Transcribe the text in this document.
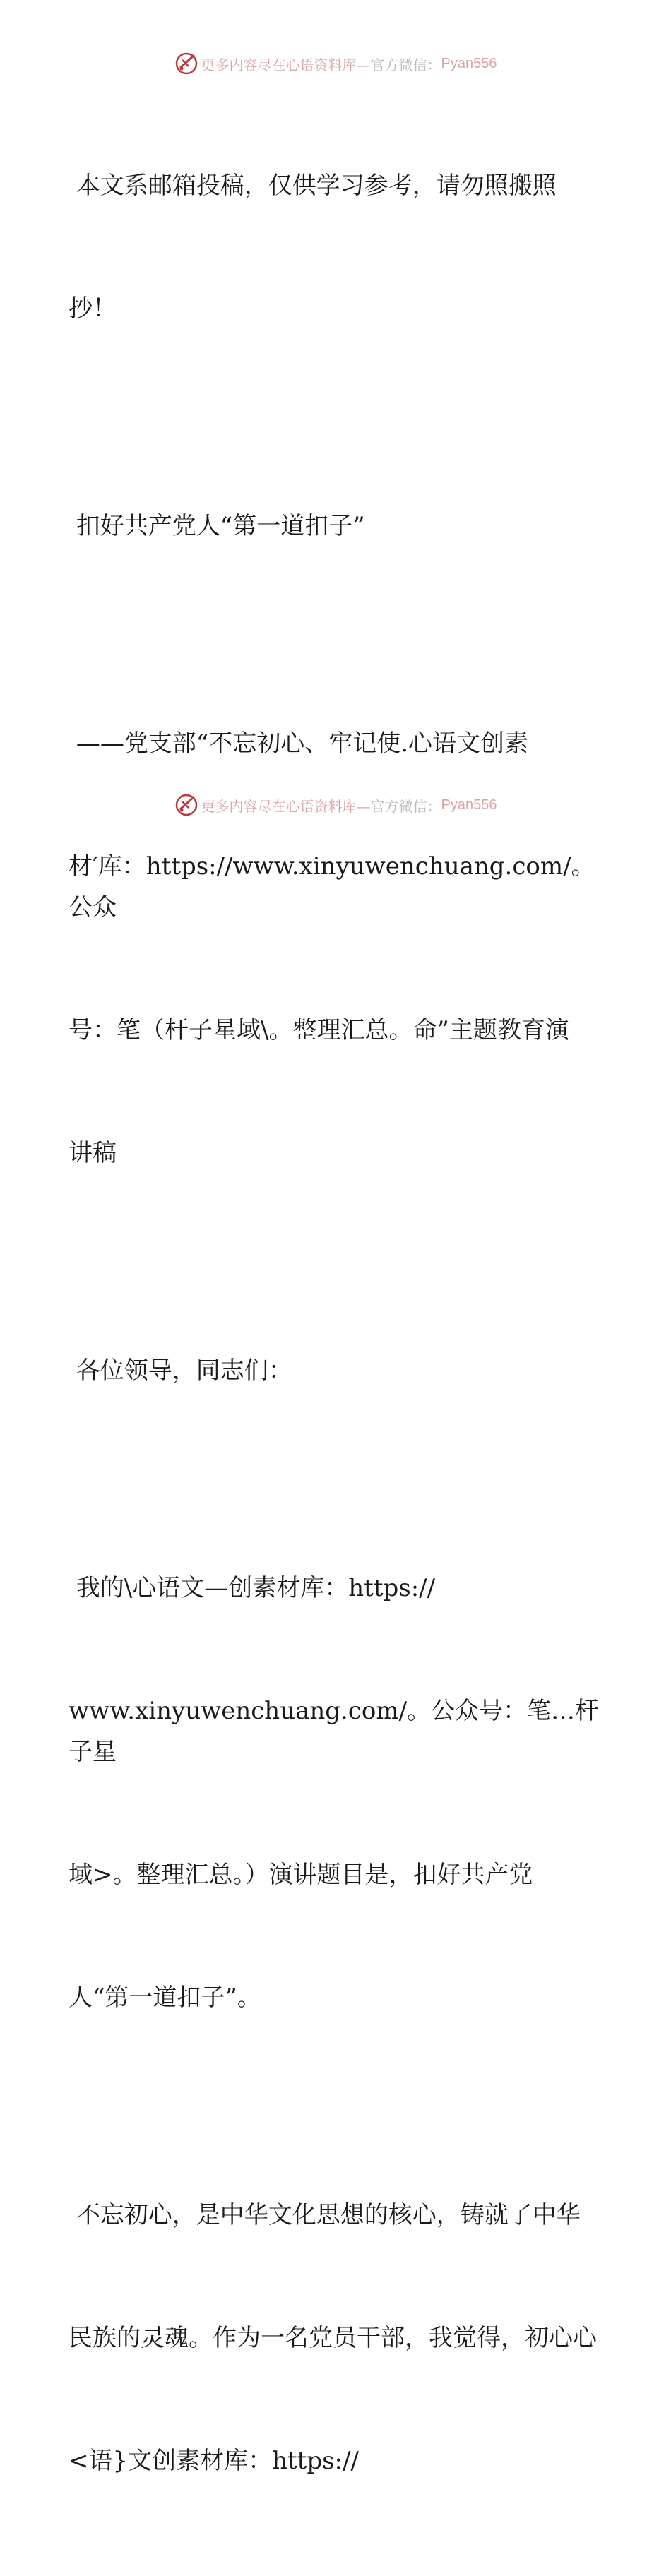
更多内容尽在心语资料库— 官方微信： Pyan556

本文系邮箱投稿，仅供学习参考，请勿照搬照

抄！

扣好共产党人“第一道扣子”

——党支部“不忘初心、牢记使.心语文创素

材′库：https://www.xinyuwenchuang.com/。公众

号：笔（杆子星域\。整理汇总。命”主题教育演

讲稿

各位领导，同志们：

我的\心语文—创素材库：https://

www.xinyuwenchuang.com/。公众号：笔…杆子星

域>。整理汇总。）演讲题目是，扣好共产党

人“第一道扣子”。

不忘初心，是中华文化思想的核心，铸就了中华

民族的灵魂。作为一名党员干部，我觉得，初心心

<语}文创素材库：https://

更多内容尽在心语资料库— 官方微信： Pyan556
